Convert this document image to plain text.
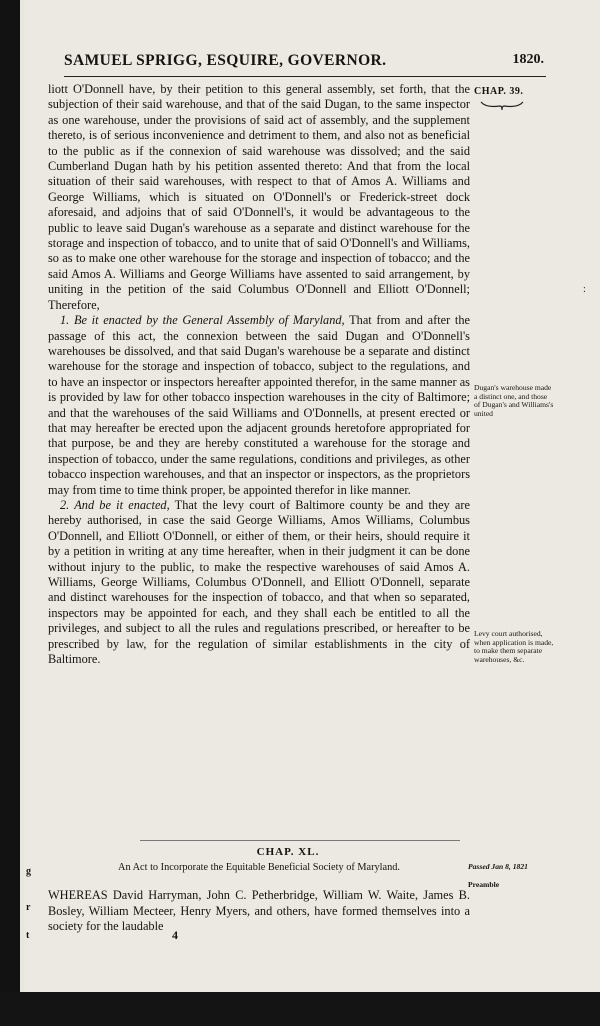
SAMUEL SPRIGG, ESQUIRE, GOVERNOR.	1820.
CHAP. 39.

liott O'Donnell have, by their petition to this general assembly, set forth, that the subjection of their said warehouse, and that of the said Dugan, to the same inspector as one warehouse, under the provisions of said act of assembly, and the supplement thereto, is of serious inconvenience and detriment to them, and also not as beneficial to the public as if the connexion of said warehouse was dissolved; and the said Cumberland Dugan hath by his petition assented thereto: And that from the local situation of their said warehouses, with respect to that of Amos A. Williams and George Williams, which is situated on O'Donnell's or Frederick-street dock aforesaid, and adjoins that of said O'Donnell's, it would be advantageous to the public to leave said Dugan's warehouse as a separate and distinct warehouse for the storage and inspection of tobacco, and to unite that of said O'Donnell's and Williams, so as to make one other warehouse for the storage and inspection of tobacco; and the said Amos A. Williams and George Williams have assented to said arrangement, by uniting in the petition of the said Columbus O'Donnell and Elliott O'Donnell; Therefore,

1. Be it enacted by the General Assembly of Maryland, That from and after the passage of this act, the connexion between the said Dugan and O'Donnell's warehouses be dissolved, and that said Dugan's warehouse be a separate and distinct warehouse for the storage and inspection of tobacco, subject to the regulations, and to have an inspector or inspectors hereafter appointed therefor, in the same manner as is provided by law for other tobacco inspection warehouses in the city of Baltimore; and that the warehouses of the said Williams and O'Donnells, at present erected or that may hereafter be erected upon the adjacent grounds heretofore appropriated for that purpose, be and they are hereby constituted a warehouse for the storage and inspection of tobacco, under the same regulations, conditions and privileges, as other tobacco inspection warehouses, and that an inspector or inspectors, as the proprietors may from time to time think proper, be appointed therefor in like manner.

2. And be it enacted, That the levy court of Baltimore county be and they are hereby authorised, in case the said George Williams, Amos Williams, Columbus O'Donnell, and Elliott O'Donnell, or either of them, or their heirs, should require it by a petition in writing at any time hereafter, when in their judgment it can be done without injury to the public, to make the respective warehouses of said Amos A. Williams, George Williams, Columbus O'Donnell, and Elliott O'Donnell, separate and distinct warehouses for the inspection of tobacco, and that when so separated, inspectors may be appointed for each, and they shall each be entitled to all the privileges, and subject to all the rules and regulations prescribed, or hereafter to be prescribed by law, for the regulation of similar establishments in the city of Baltimore.

Dugan's warehouse made a distinct one, and those of Dugan's and Williams's united
Levy court authorised, when application is made, to make them separate warehouses, &c.
CHAP. XL.
An Act to Incorporate the Equitable Beneficial Society of Maryland.	Passed Jan 8, 1821
Preamble

WHEREAS David Harryman, John C. Petherbridge, William W. Waite, James B. Bosley, William Mecteer, Henry Myers, and others, have formed themselves into a society for the laudable

4
g
r
t
:
